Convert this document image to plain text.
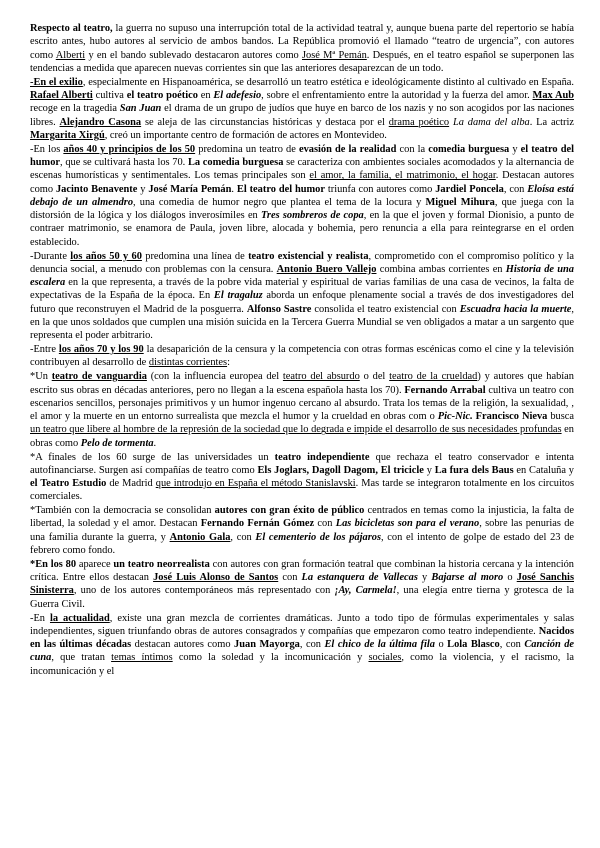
Respecto al teatro, la guerra no supuso una interrupción total de la actividad teatral y, aunque buena parte del repertorio se había escrito antes, hubo autores al servicio de ambos bandos. La República promovió el llamado “teatro de urgencia”, con autores como Alberti y en el bando sublevado destacaron autores como José Mª Pemán. Después, en el teatro español se superponen las tendencias a medida que aparecen nuevas corrientes sin que las anteriores desaparezcan de un todo.

-En el exilio, especialmente en Hispanoamérica, se desarrolló un teatro estética e ideológicamente distinto al cultivado en España. Rafael Alberti cultiva el teatro poético en El adefesio, sobre el enfrentamiento entre la autoridad y la fuerza del amor. Max Aub recoge en la tragedia San Juan el drama de un grupo de judíos que huye en barco de los nazis y no son acogidos por las naciones libres. Alejandro Casona se aleja de las circunstancias históricas y destaca por el drama poético La dama del alba. La actriz Margarita Xirgú, creó un importante centro de formación de actores en Montevideo.

-En los años 40 y principios de los 50 predomina un teatro de evasión de la realidad con la comedia burguesa y el teatro del humor, que se cultivará hasta los 70. La comedia burguesa se caracteriza con ambientes sociales acomodados y la alternancia de escenas humorísticas y sentimentales. Los temas principales son el amor, la familia, el matrimonio, el hogar. Destacan autores como Jacinto Benavente y José María Pemán. El teatro del humor triunfa con autores como Jardiel Poncela, con Eloísa está debajo de un almendro, una comedia de humor negro que plantea el tema de la locura y Miguel Mihura, que juega con la distorsión de la lógica y los diálogos inverosímiles en Tres sombreros de copa, en la que el joven y formal Dionisio, a punto de contraer matrimonio, se enamora de Paula, joven libre, alocada y bohemia, pero renuncia a ella para reintegrarse en el orden establecido.

-Durante los años 50 y 60 predomina una línea de teatro existencial y realista, comprometido con el compromiso político y la denuncia social, a menudo con problemas con la censura. Antonio Buero Vallejo combina ambas corrientes en Historia de una escalera en la que representa, a través de la pobre vida material y espiritual de varias familias de una casa de vecinos, la falta de expectativas de la España de la época. En El tragaluz aborda un enfoque plenamente social a través de dos investigadores del futuro que reconstruyen el Madrid de la posguerra. Alfonso Sastre consolida el teatro existencial con Escuadra hacia la muerte, en la que unos soldados que cumplen una misión suicida en la Tercera Guerra Mundial se ven obligados a matar a un sargento que representa el poder arbitrario.

-Entre los años 70 y los 90 la desaparición de la censura y la competencia con otras formas escénicas como el cine y la televisión contribuyen al desarrollo de distintas corrientes:

*Un teatro de vanguardia (con la influencia europea del teatro del absurdo o del teatro de la crueldad) y autores que habían escrito sus obras en décadas anteriores, pero no llegan a la escena española hasta los 70). Fernando Arrabal cultiva un teatro con escenarios sencillos, personajes primitivos y un humor ingenuo cercano al absurdo. Trata los temas de la religión, la sexualidad, , el amor y la muerte en un entorno surrealista que mezcla el humor y la crueldad en obras com o Pic-Nic. Francisco Nieva busca un teatro que libere al hombre de la represión de la sociedad que lo degrada e impide el desarrollo de sus necesidades profundas en obras como Pelo de tormenta.

*A finales de los 60 surge de las universidades un teatro independiente que rechaza el teatro conservador e intenta autofinanciarse. Surgen así compañías de teatro como Els Joglars, Dagoll Dagom, El tricicle y La fura dels Baus en Cataluña y el Teatro Estudio de Madrid que introdujo en España el método Stanislavski. Mas tarde se integraron totalmente en los circuitos comerciales.

*También con la democracia se consolidan autores con gran éxito de público centrados en temas como la injusticia, la falta de libertad, la soledad y el amor. Destacan Fernando Fernán Gómez con Las bicicletas son para el verano, sobre las penurias de una familia durante la guerra, y Antonio Gala, con El cementerio de los pájaros, con el intento de golpe de estado del 23 de febrero como fondo.

*En los 80 aparece un teatro neorrealista con autores con gran formación teatral que combinan la historia cercana y la intención crítica. Entre ellos destacan José Luis Alonso de Santos con La estanquera de Vallecas y Bajarse al moro o José Sanchis Sinisterra, uno de los autores contemporáneos más representado con ¡Ay, Carmela!, una elegía entre tierna y grotesca de la Guerra Civil.

-En la actualidad, existe una gran mezcla de corrientes dramáticas. Junto a todo tipo de fórmulas experimentales y salas independientes, siguen triunfando obras de autores consagrados y compañías que empezaron como teatro independiente. Nacidos en las últimas décadas destacan autores como Juan Mayorga, con El chico de la última fila o Lola Blasco, con Canción de cuna, que tratan temas íntimos como la soledad y la incomunicación y sociales, como la violencia, y el racismo, la incomunicación y el
